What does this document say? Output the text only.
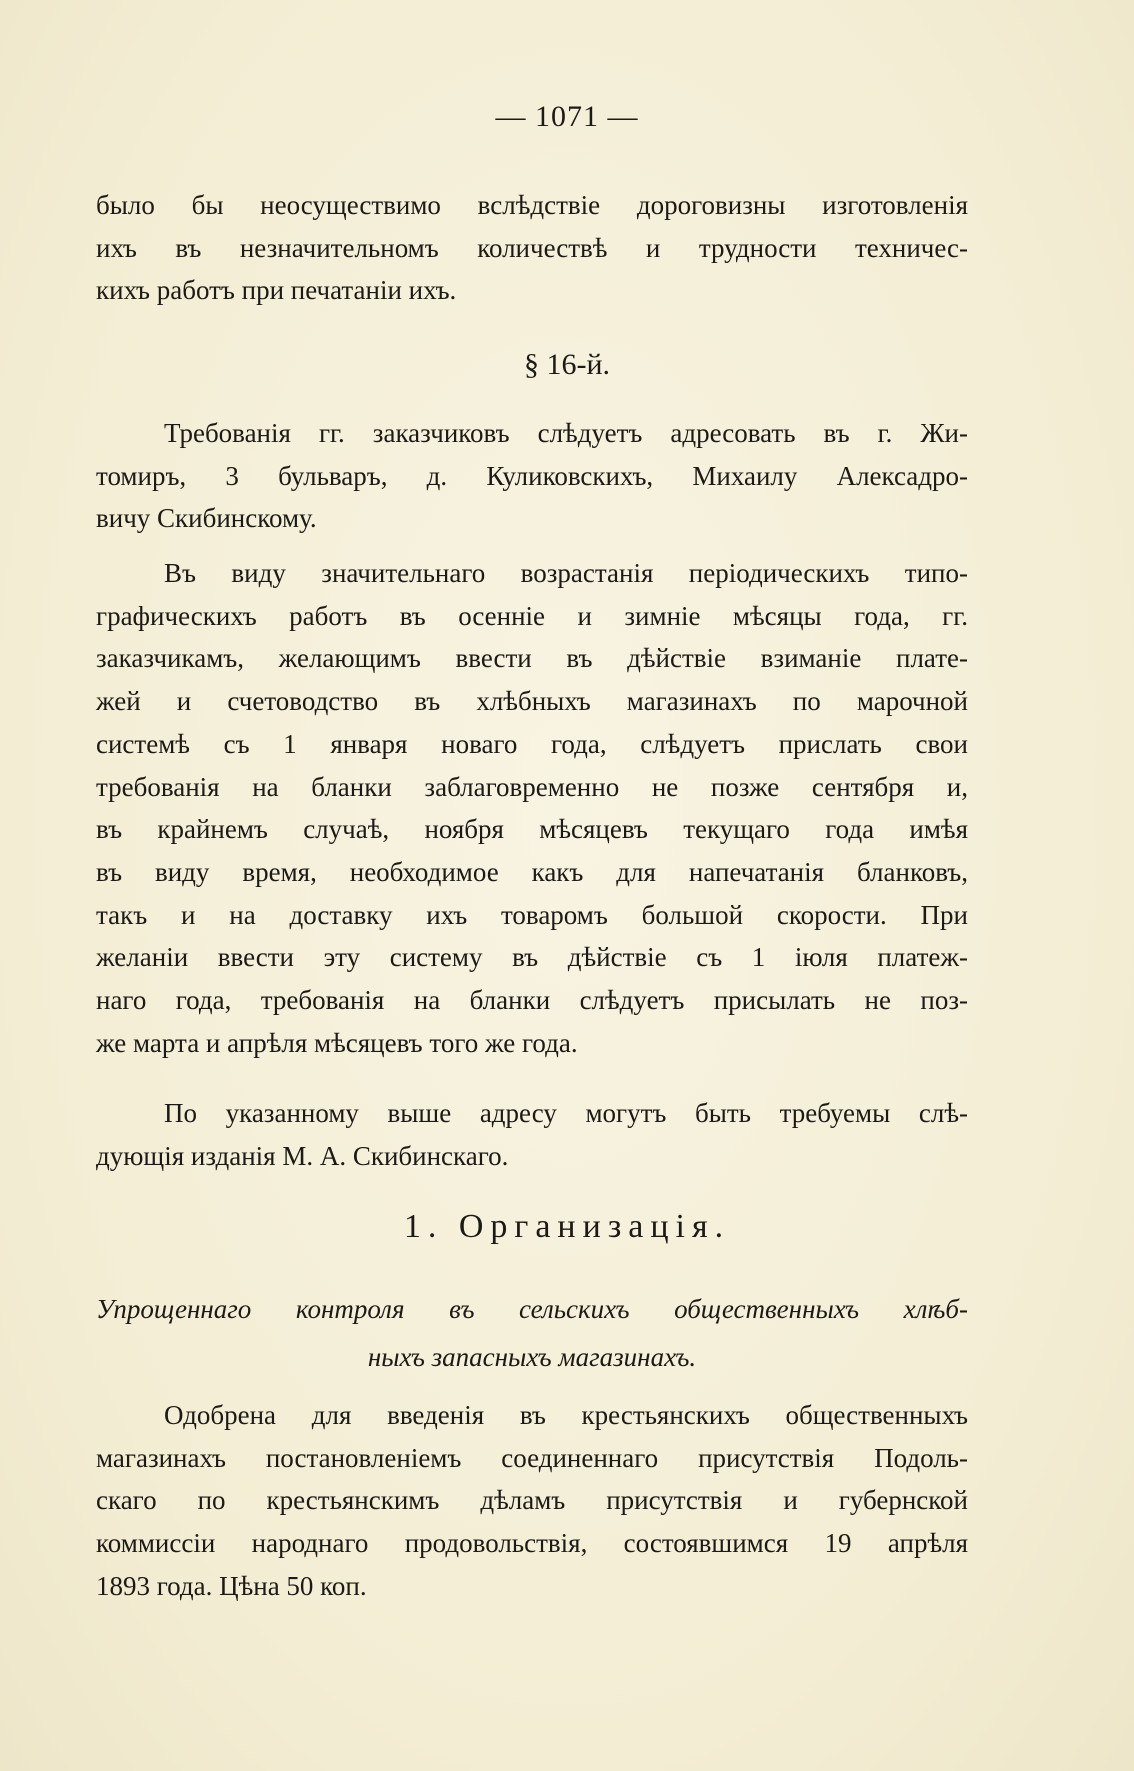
— 1071 —

было бы неосуществимо вслѣдствіе дороговизны изготовленія
ихъ въ незначительномъ количествѣ и трудности техничес-
кихъ работъ при печатаніи ихъ.

§ 16-й.

Требованія гг. заказчиковъ слѣдуетъ адресовать въ г. Жи-
томиръ, 3 бульваръ, д. Куликовскихъ, Михаилу Алексадро-
вичу Скибинскому.

Въ виду значительнаго возрастанія періодическихъ типо-
графическихъ работъ въ осенніе и зимніе мѣсяцы года, гг.
заказчикамъ, желающимъ ввести въ дѣйствіе взиманіе плате-
жей и счетоводство въ хлѣбныхъ магазинахъ по марочной
системѣ съ 1 января новаго года, слѣдуетъ прислать свои
требованія на бланки заблаговременно не позже сентября и,
въ крайнемъ случаѣ, ноября мѣсяцевъ текущаго года имѣя
въ виду время, необходимое какъ для напечатанія бланковъ,
такъ и на доставку ихъ товаромъ большой скорости. При
желаніи ввести эту систему въ дѣйствіе съ 1 іюля платеж-
наго года, требованія на бланки слѣдуетъ присылать не поз-
же марта и апрѣля мѣсяцевъ того же года.

По указанному выше адресу могутъ быть требуемы слѣ-
дующія изданія М. А. Скибинскаго.

1. Организація.
Упрощеннаго контроля въ сельскихъ общественныхъ хлѣб-
ныхъ запасныхъ магазинахъ.

Одобрена для введенія въ крестьянскихъ общественныхъ
магазинахъ постановленіемъ соединеннаго присутствія Подоль-
скаго по крестьянскимъ дѣламъ присутствія и губернской
коммиссіи народнаго продовольствія, состоявшимся 19 апрѣля
1893 года. Цѣна 50 коп.
